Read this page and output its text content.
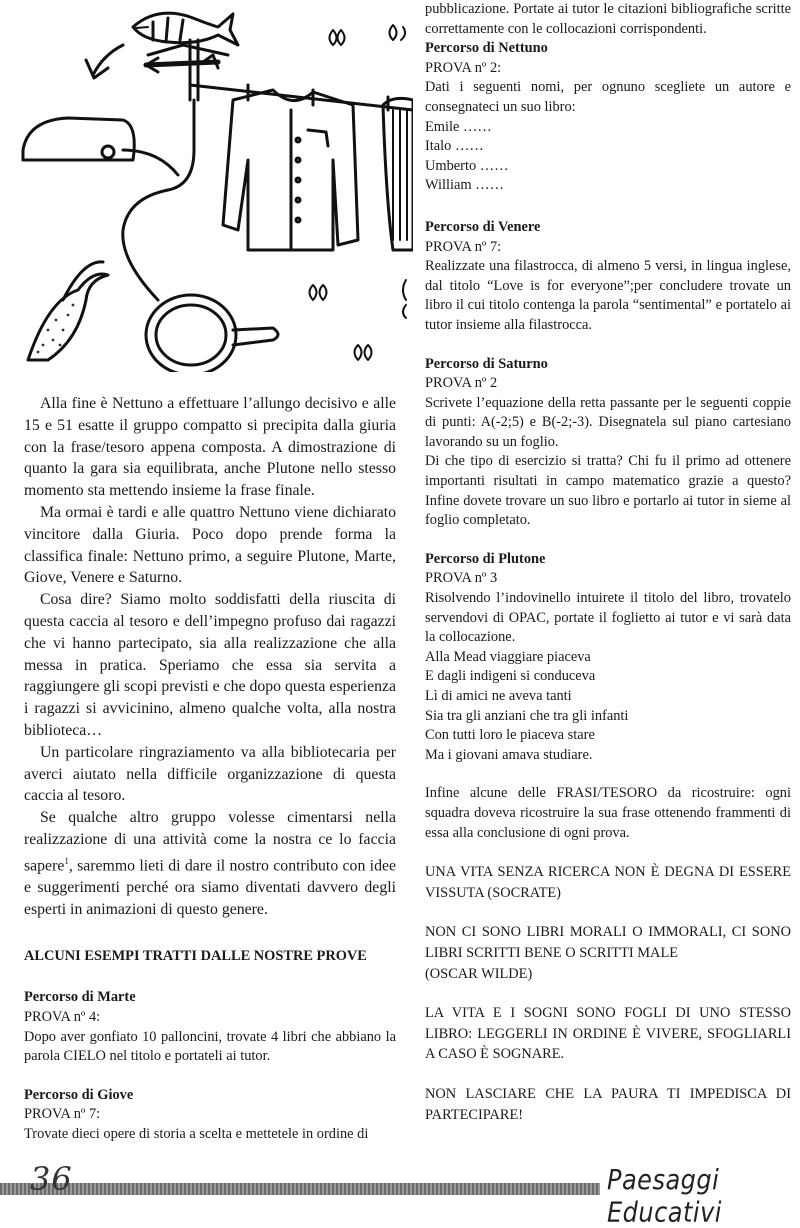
Alla fine è Nettuno a effettuare l’allungo decisivo e alle 15 e 51 esatte il gruppo compatto si precipita dalla giuria con la frase/tesoro appena composta. A dimostrazione di quanto la gara sia equilibrata, anche Plutone nello stesso momento sta mettendo insieme la frase finale.

Ma ormai è tardi e alle quattro Nettuno viene dichiarato vincitore dalla Giuria. Poco dopo prende forma la classifica finale: Nettuno primo, a seguire Plutone, Marte, Giove, Venere e Saturno.

Cosa dire? Siamo molto soddisfatti della riuscita di questa caccia al tesoro e dell’impegno profuso dai ragazzi che vi hanno partecipato, sia alla realizzazione che alla messa in pratica. Speriamo che essa sia servita a raggiungere gli scopi previsti e che dopo questa esperienza i ragazzi si avvicinino, almeno qualche volta, alla nostra biblioteca…

Un particolare ringraziamento va alla bibliotecaria per averci aiutato nella difficile organizzazione di questa caccia al tesoro.

Se qualche altro gruppo volesse cimentarsi nella realizzazione di una attività come la nostra ce lo faccia sapere$^1$, saremmo lieti di dare il nostro contributo con idee e suggerimenti perché ora siamo diventati davvero degli esperti in animazioni di questo genere.

ALCUNI ESEMPI TRATTI DALLE NOSTRE PROVE

Percorso di Marte

PROVA nº 4:

Dopo aver gonfiato 10 palloncini, trovate 4 libri che abbiano la parola CIELO nel titolo e portateli ai tutor.

Percorso di Giove

PROVA nº 7:

Trovate dieci opere di storia a scelta e mettetele in ordine di

pubblicazione. Portate ai tutor le citazioni bibliografiche scritte correttamente con le collocazioni corrispondenti.

Percorso di Nettuno

PROVA nº 2:

Dati i seguenti nomi, per ognuno scegliete un autore e consegnateci un suo libro:

Emile ……

Italo ……

Umberto ……

William ……

Percorso di Venere

PROVA nº 7:

Realizzate una filastrocca, di almeno 5 versi, in lingua inglese, dal titolo “Love is for everyone”;per concludere trovate un libro il cui titolo contenga la parola “sentimental” e portatelo ai tutor insieme alla filastrocca.

Percorso di Saturno

PROVA nº 2

Scrivete l’equazione della retta passante per le seguenti coppie di punti: A(-2;5) e B(-2;-3). Disegnatela sul piano cartesiano lavorando su un foglio.

Di che tipo di esercizio si tratta? Chi fu il primo ad ottenere importanti risultati in campo matematico grazie a questo? Infine dovete trovare un suo libro e portarlo ai tutor in sieme al foglio completato.

Percorso di Plutone

PROVA nº 3

Risolvendo l’indovinello intuirete il titolo del libro, trovatelo servendovi di OPAC, portate il foglietto ai tutor e vi sarà data la collocazione.

Alla Mead viaggiare piaceva

E dagli indigeni si conduceva

Lì di amici ne aveva tanti

Sia tra gli anziani che tra gli infanti

Con tutti loro le piaceva stare

Ma i giovani amava studiare.

Infine alcune delle FRASI/TESORO da ricostruire: ogni squadra doveva ricostruire la sua frase ottenendo frammenti di essa alla conclusione di ogni prova.

UNA VITA SENZA RICERCA NON È DEGNA DI ESSERE VISSUTA (SOCRATE)

NON CI SONO LIBRI MORALI O IMMORALI, CI SONO LIBRI SCRITTI BENE O SCRITTI MALE

(OSCAR WILDE)

LA VITA E I SOGNI SONO FOGLI DI UNO STESSO LIBRO: LEGGERLI IN ORDINE È VIVERE, SFOGLIARLI A CASO È SOGNARE.

NON LASCIARE CHE LA PAURA TI IMPEDISCA DI PARTECIPARE!

36	Paesaggi Educativi
